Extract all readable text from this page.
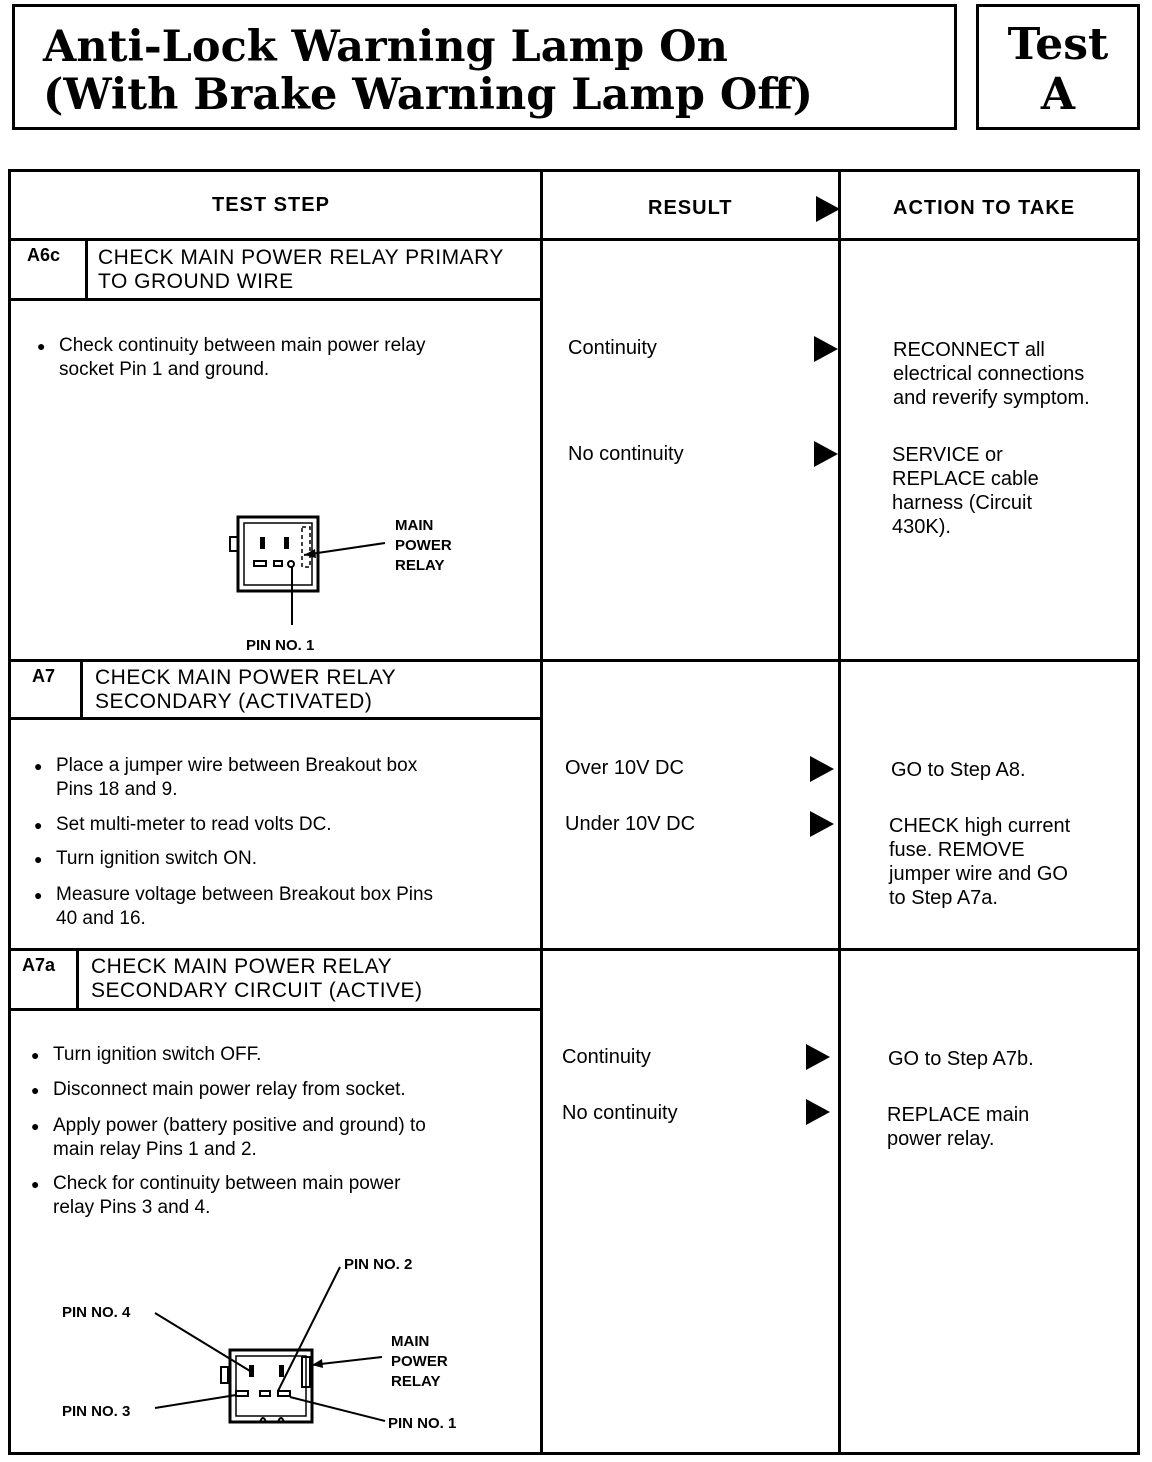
Anti-Lock Warning Lamp On
(With Brake Warning Lamp Off)
Test
A
TEST STEP	RESULT	ACTION TO TAKE
A6c CHECK MAIN POWER RELAY PRIMARY
TO GROUND WIRE
● Check continuity between main power relay
socket Pin 1 and ground.
Continuity
No continuity
RECONNECT all
electrical connections
and reverify symptom.
SERVICE or
REPLACE cable
harness (Circuit
430K).
MAIN
POWER
RELAY
PIN NO. 1
A7 CHECK MAIN POWER RELAY
SECONDARY (ACTIVATED)
● Place a jumper wire between Breakout box
Pins 18 and 9.
● Set multi-meter to read volts DC.
● Turn ignition switch ON.
● Measure voltage between Breakout box Pins
40 and 16.
Over 10V DC
Under 10V DC
GO to Step A8.
CHECK high current
fuse. REMOVE
jumper wire and GO
to Step A7a.
A7a CHECK MAIN POWER RELAY
SECONDARY CIRCUIT (ACTIVE)
● Turn ignition switch OFF.
● Disconnect main power relay from socket.
● Apply power (battery positive and ground) to
main relay Pins 1 and 2.
● Check for continuity between main power
relay Pins 3 and 4.
Continuity
No continuity
GO to Step A7b.
REPLACE main
power relay.
PIN NO. 2
PIN NO. 4
PIN NO. 3
PIN NO. 1
MAIN
POWER
RELAY
